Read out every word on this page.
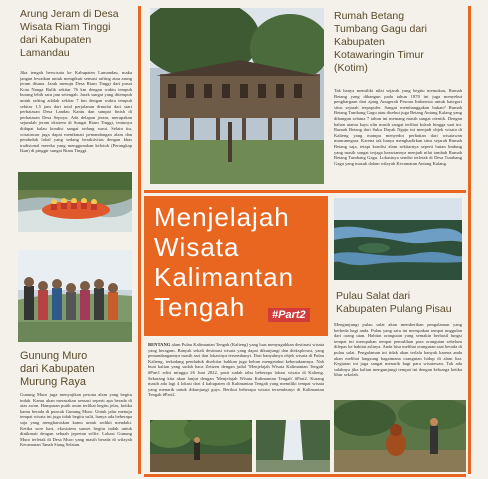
Arung Jeram di Desa
Wisata Riam Tinggi
dari Kabupaten
Lamandau
Jika tengah berwisata ke Kabupaten Lamandau, maka jangan lewatkan untuk mengikuti sensasi rafting atau arung jeram disana. Jarak menuju Desa Riam Tinggi dari pusat Kota Nanga Bulik sekitar 76 km dengan waktu tempuh kurang lebih satu jam setengah. Jarak sungai yang ditempuh untuk rafting adalah sekitar 7 km dengan waktu tempuh sekitar 1,5 jam dari total perjalanan dimulai dari start perbatasan Desa Landau Kantu dan sampai finish di perbatasan Desa Sepoyu. Ada delapan jeram, merupakan sejumlah jeram ekstrem di Sungai Riam Tinggi, tentunya didapat kalau kondisi sangat sedang surut. Selain itu, wisatawan juga dapat menikmati pemandangan alam dan penduduk lokal yang sedang beraktivitas dengan khas tradisional mereka yang menggunakan kelotok (Perangkap Ikan) di pinggir sungai Riam Tinggi.
Gunung Muro
dari Kabupaten
Murung Raya
Gunung Muro juga menyajikan pesona alam yang begitu indah. Kamu akan merasakan sensasi seperti apa berada di atas awan. Hamparan putih awan terlihat begitu jelas, ketika kamu berada di puncak Gunung Muro. Untuk jalur menuju tempat wisata ini juga tidak begitu sulit, hanya ada beberapa saja yang mengharuskan kamu untuk sedikit mendaki. Ketika sore hari, ekosistem sunset begitu indah untuk dinikmati dengan sebuah jepretan selfie. Lokasi Gunung Muro terletak di Desa Muro yang masih berada di wilayah Kecamatan Tanah Siang Selatan.
Rumah Betang
Tumbang Gagu dari
Kabupaten
Kotawaringin Timur
(Kotim)
Tak hanya memiliki nilai sejarah yang begitu memukau, Rumah Betang yang dibangun pada tahun 1870 ini juga menyebut penghargaan dari ajang Anugerah Pesona Indonesia untuk kategori situs sejarah terpopuler. Sangat membanggakan bukan? Rumah Betang Tumbang Gagu atau disebut juga Betang Antang Kalang yang dibangun selama 7 tahun ini memang masih sangat otentik. Dengan bahan utama kayu ulin masih sangat terlihat kokoh hingga saat ini. Rumah Betang dari Suku Dayak Ngaju ini menjadi objek wisata di Kalteng yang mampu menyedot perhatian dari wisatawan mancanegara. Karena tak hanya menghadirkan situs sejarah Rumah Betang saja, tetapi kondisi alam sekitarnya seperti hutan lindung yang masih sangat terjaga keasriannya menjadi nilai tambah Rumah Betang Tumbang Gagu. Lokasinya sendiri terletak di Desa Tumbang Gagu yang masuk dalam wilayah Kecamatan Antang Kalang.
Menjelajah
Wisata
Kalimantan
Tengah	#Part2
Pulau Salat dari
Kabupaten Pulang Pisau
Mengunjungi pulau salat akan memberikan pengalaman yang berbeda bagi anda. Pulau yang satu ini merupakan tempat unggulan dari orang utan. Habitat orangutan yang semakin berhasil fungsi tempat ini merupakan tempat pemulihan para orangutan sebelum dilepas ke habitat aslinya. Anda bisa melihat orangutan saat berada di pulau salat. Pengalaman ini tidak akan terlalu banyak karena anda akan melihat langsung bagaimana orangutan hidup di alam liar. Kegiatan ini juga sangat menarik bagi para wisatawan. Tak ada salahnya jika kalian mengunjungi tempat ini dengan keluarga ketika libur sekolah.
BENTANG alam Pulau Kalimantan Tengah (Kalteng) yang luas menyuguhkan destinasi wisata yang beragam. Banyak sekali destinasi wisata yang dapat dikunjungi dan dieksplorasi, yang pemandangannya masih asri dan lokasinya tersembunyi. Dari banyaknya objek wisata di Pulau Kalteng, terkadang penduduk disekitar bahkan juga belum mengetahui keberadaannya. Nah buat kalian yang sudah baca Zetizen dengan judul 'Menjelajah Wisata Kalimantan Tengah' #Part1 edisi minggu 26 Juni 2022, pasti sudah tahu beberapa lokasi wisata di Kalteng. Sekarang kita akan lanjut dengan 'Menjelajah Wisata Kalimantan Tengah' #Part2. Kurang masih ada lagi 4 lokasi dari 4 kabupaten di Kalimantan Tengah yang memiliki tempat wisata yang menarik untuk dikunjungi guys. Berikut beberapa wisata tersembunyi di Kalimantan Tengah #Part2.
